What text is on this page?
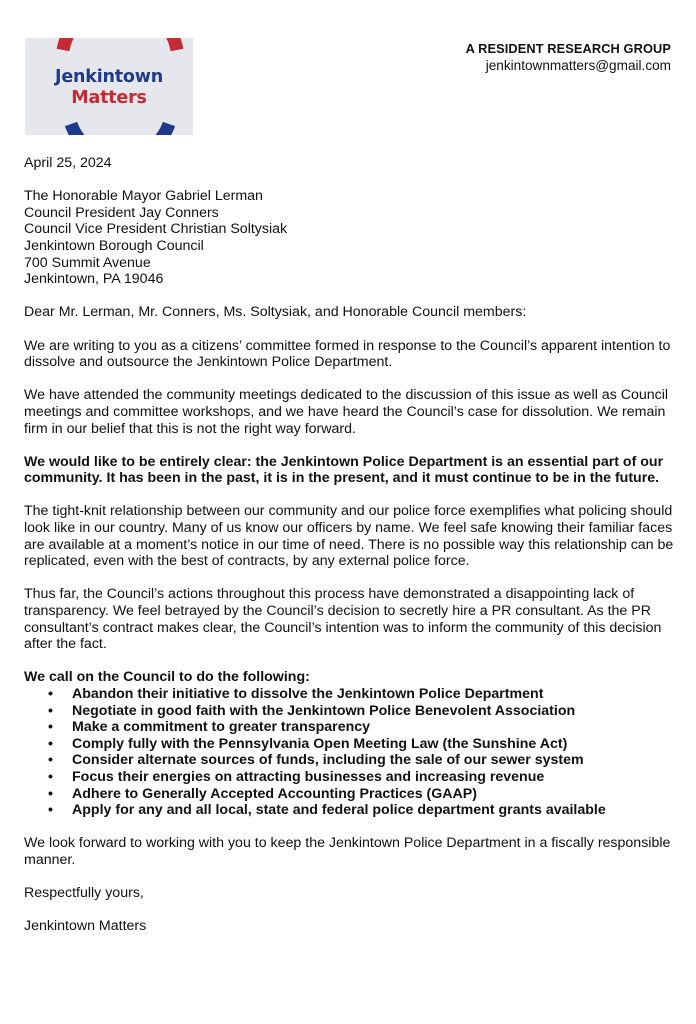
Jenkintown
Matters
A RESIDENT RESEARCH GROUP
jenkintownmatters@gmail.com
April 25, 2024
The Honorable Mayor Gabriel Lerman
Council President Jay Conners
Council Vice President Christian Soltysiak
Jenkintown Borough Council
700 Summit Avenue
Jenkintown, PA 19046
Dear Mr. Lerman, Mr. Conners, Ms. Soltysiak, and Honorable Council members:
We are writing to you as a citizens’ committee formed in response to the Council’s apparent intention to dissolve and outsource the Jenkintown Police Department.
We have attended the community meetings dedicated to the discussion of this issue as well as Council meetings and committee workshops, and we have heard the Council’s case for dissolution. We remain firm in our belief that this is not the right way forward.
We would like to be entirely clear: the Jenkintown Police Department is an essential part of our community. It has been in the past, it is in the present, and it must continue to be in the future.
The tight-knit relationship between our community and our police force exemplifies what policing should look like in our country. Many of us know our officers by name. We feel safe knowing their familiar faces are available at a moment’s notice in our time of need. There is no possible way this relationship can be replicated, even with the best of contracts, by any external police force.
Thus far, the Council’s actions throughout this process have demonstrated a disappointing lack of transparency. We feel betrayed by the Council’s decision to secretly hire a PR consultant. As the PR consultant’s contract makes clear, the Council’s intention was to inform the community of this decision after the fact.
We call on the Council to do the following:
• Abandon their initiative to dissolve the Jenkintown Police Department
• Negotiate in good faith with the Jenkintown Police Benevolent Association
• Make a commitment to greater transparency
• Comply fully with the Pennsylvania Open Meeting Law (the Sunshine Act)
• Consider alternate sources of funds, including the sale of our sewer system
• Focus their energies on attracting businesses and increasing revenue
• Adhere to Generally Accepted Accounting Practices (GAAP)
• Apply for any and all local, state and federal police department grants available
We look forward to working with you to keep the Jenkintown Police Department in a fiscally responsible manner.
Respectfully yours,
Jenkintown Matters
